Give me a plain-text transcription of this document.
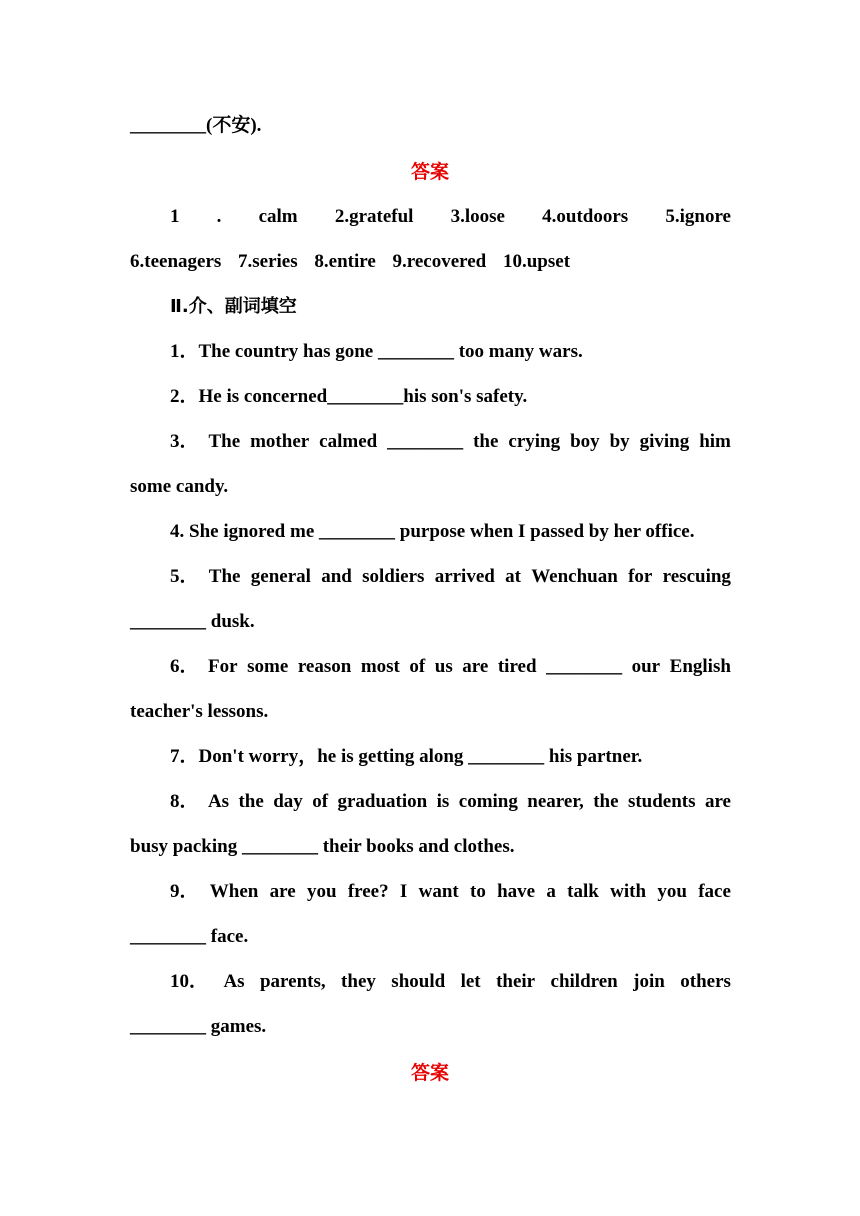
________(不安).
答案
1 . calm 2.grateful 3.loose 4.outdoors 5.ignore
6.teenagers 7.series 8.entire 9.recovered 10.upset
Ⅱ.介、副词填空
1．The country has gone ________ too many wars.
2．He is concerned________his son's safety.
3． The mother calmed ________ the crying boy by giving him
some candy.
4. She ignored me ________ purpose when I passed by her office.
5． The general and soldiers arrived at Wenchuan for rescuing
________ dusk.
6． For some reason most of us are tired ________ our English
teacher's lessons.
7．Don't worry，he is getting along ________ his partner.
8． As the day of graduation is coming nearer, the students are
busy packing ________ their books and clothes.
9． When are you free? I want to have a talk with you face
________ face.
10． As parents, they should let their children join others
________ games.
答案
